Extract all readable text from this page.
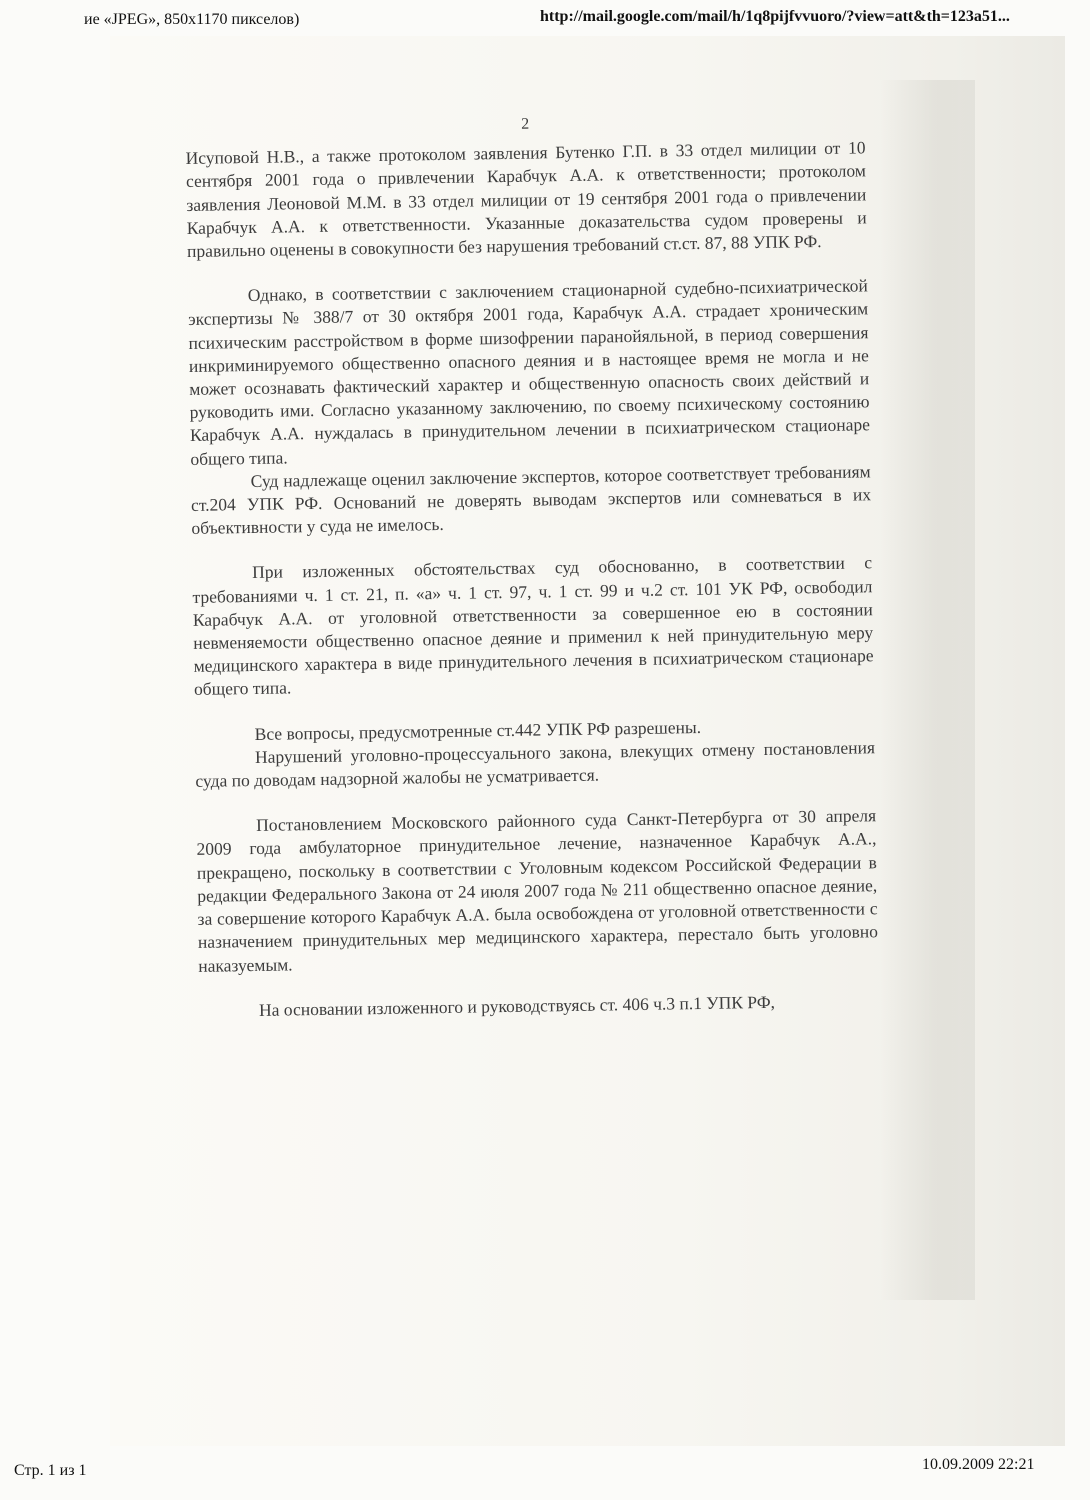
ие «JPEG», 850x1170 пикселов)	http://mail.google.com/mail/h/1q8pijfvvuoro/?view=att&th=123a51...
2

Исуповой Н.В., а также протоколом заявления Бутенко Г.П. в 33 отдел милиции от 10 сентября 2001 года о привлечении Карабчук А.А. к ответственности; протоколом заявления Леоновой М.М. в 33 отдел милиции от 19 сентября 2001 года о привлечении Карабчук А.А. к ответственности. Указанные доказательства судом проверены и правильно оценены в совокупности без нарушения требований ст.ст. 87, 88 УПК РФ.

Однако, в соответствии с заключением стационарной судебно-психиатрической экспертизы № 388/7 от 30 октября 2001 года, Карабчук А.А. страдает хроническим психическим расстройством в форме шизофрении паранойяльной, в период совершения инкриминируемого общественно опасного деяния и в настоящее время не могла и не может осознавать фактический характер и общественную опасность своих действий и руководить ими. Согласно указанному заключению, по своему психическому состоянию Карабчук А.А. нуждалась в принудительном лечении в психиатрическом стационаре общего типа.

Суд надлежаще оценил заключение экспертов, которое соответствует требованиям ст.204 УПК РФ. Оснований не доверять выводам экспертов или сомневаться в их объективности у суда не имелось.

При изложенных обстоятельствах суд обоснованно, в соответствии с требованиями ч. 1 ст. 21, п. «а» ч. 1 ст. 97, ч. 1 ст. 99 и ч.2 ст. 101 УК РФ, освободил Карабчук А.А. от уголовной ответственности за совершенное ею в состоянии невменяемости общественно опасное деяние и применил к ней принудительную меру медицинского характера в виде принудительного лечения в психиатрическом стационаре общего типа.

Все вопросы, предусмотренные ст.442 УПК РФ разрешены.

Нарушений уголовно-процессуального закона, влекущих отмену постановления суда по доводам надзорной жалобы не усматривается.

Постановлением Московского районного суда Санкт-Петербурга от 30 апреля 2009 года амбулаторное принудительное лечение, назначенное Карабчук А.А., прекращено, поскольку в соответствии с Уголовным кодексом Российской Федерации в редакции Федерального Закона от 24 июля 2007 года № 211 общественно опасное деяние, за совершение которого Карабчук А.А. была освобождена от уголовной ответственности с назначением принудительных мер медицинского характера, перестало быть уголовно наказуемым.

На основании изложенного и руководствуясь ст. 406 ч.3 п.1 УПК РФ,

Стр. 1 из 1	10.09.2009 22:21
